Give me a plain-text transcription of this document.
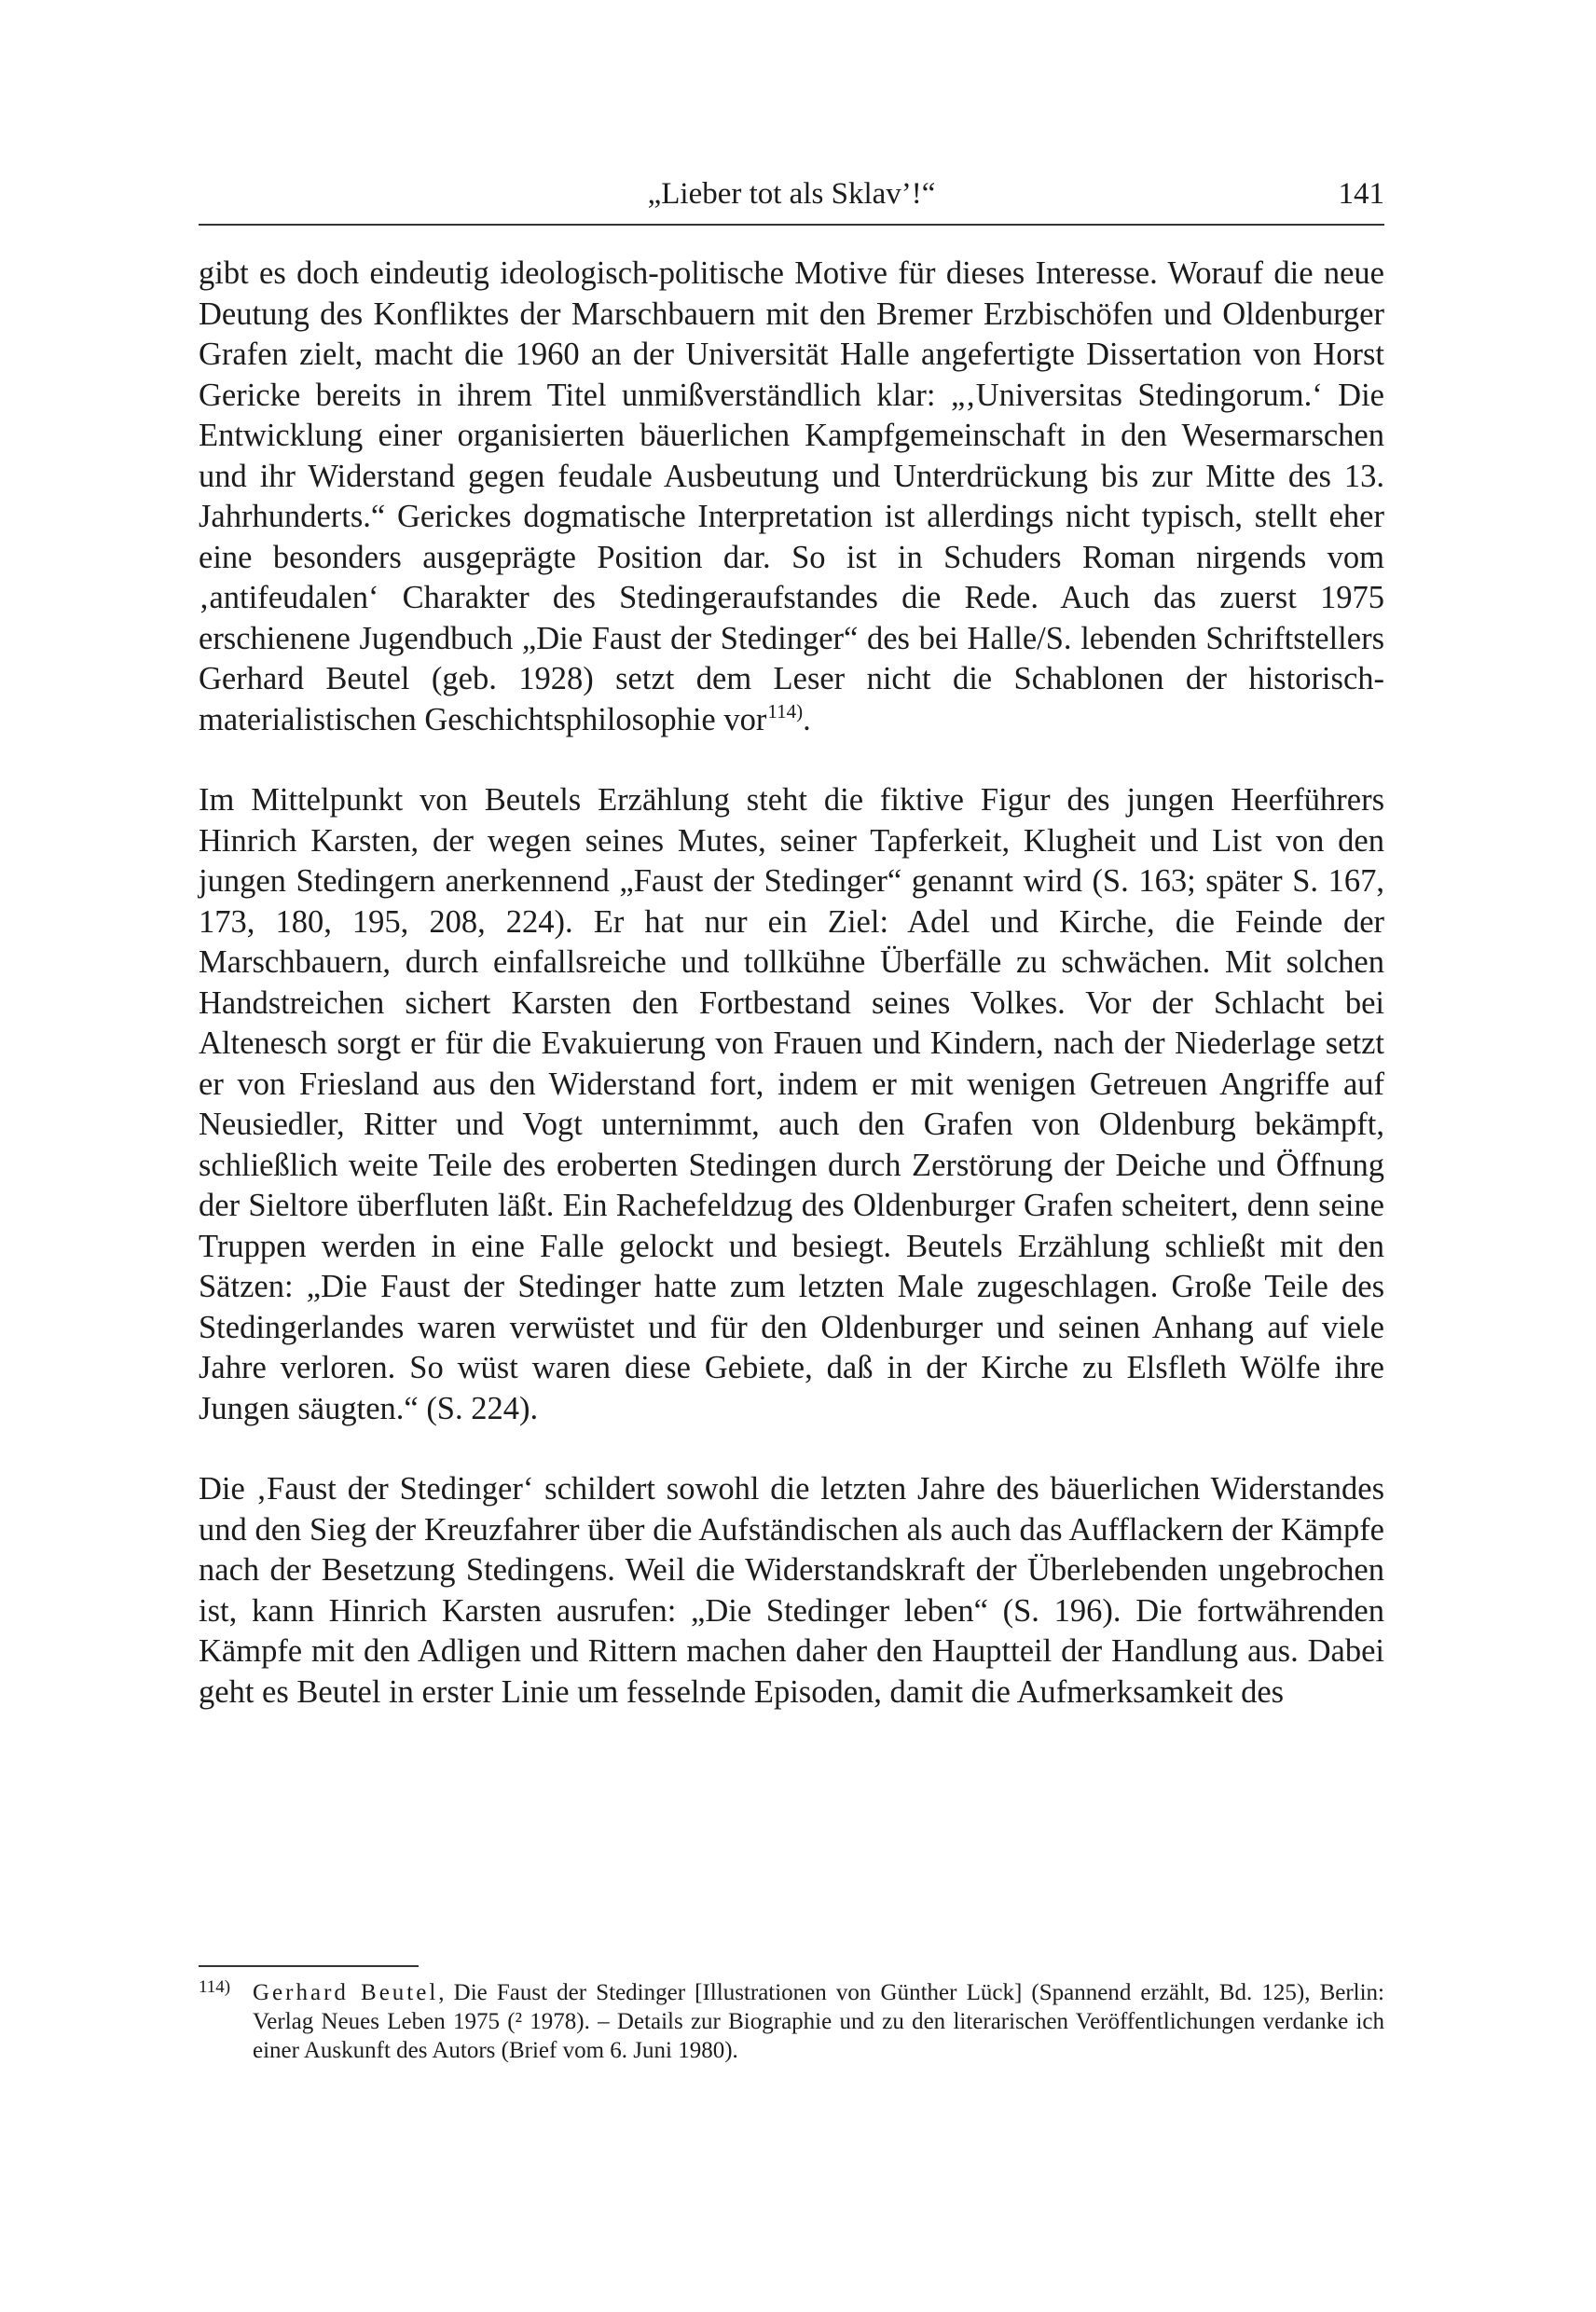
„Lieber tot als Sklav’!“	141

gibt es doch eindeutig ideologisch-politische Motive für dieses Interesse. Worauf die neue Deutung des Konfliktes der Marschbauern mit den Bremer Erzbischöfen und Oldenburger Grafen zielt, macht die 1960 an der Universität Halle angefertigte Dissertation von Horst Gericke bereits in ihrem Titel unmißverständlich klar: „‚Universitas Stedingorum.‘ Die Entwicklung einer organisierten bäuerlichen Kampfgemeinschaft in den Wesermarschen und ihr Widerstand gegen feudale Ausbeutung und Unterdrückung bis zur Mitte des 13. Jahrhunderts.“ Gerickes dogmatische Interpretation ist allerdings nicht typisch, stellt eher eine besonders ausgeprägte Position dar. So ist in Schuders Roman nirgends vom ‚antifeudalen‘ Charakter des Stedingeraufstandes die Rede. Auch das zuerst 1975 erschienene Jugendbuch „Die Faust der Stedinger“ des bei Halle/S. lebenden Schriftstellers Gerhard Beutel (geb. 1928) setzt dem Leser nicht die Schablonen der historisch-materialistischen Geschichtsphilosophie vor$^{114)}$.

Im Mittelpunkt von Beutels Erzählung steht die fiktive Figur des jungen Heerführers Hinrich Karsten, der wegen seines Mutes, seiner Tapferkeit, Klugheit und List von den jungen Stedingern anerkennend „Faust der Stedinger“ genannt wird (S. 163; später S. 167, 173, 180, 195, 208, 224). Er hat nur ein Ziel: Adel und Kirche, die Feinde der Marschbauern, durch einfallsreiche und tollkühne Überfälle zu schwächen. Mit solchen Handstreichen sichert Karsten den Fortbestand seines Volkes. Vor der Schlacht bei Altenesch sorgt er für die Evakuierung von Frauen und Kindern, nach der Niederlage setzt er von Friesland aus den Widerstand fort, indem er mit wenigen Getreuen Angriffe auf Neusiedler, Ritter und Vogt unternimmt, auch den Grafen von Oldenburg bekämpft, schließlich weite Teile des eroberten Stedingen durch Zerstörung der Deiche und Öffnung der Sieltore überfluten läßt. Ein Rachefeldzug des Oldenburger Grafen scheitert, denn seine Truppen werden in eine Falle gelockt und besiegt. Beutels Erzählung schließt mit den Sätzen: „Die Faust der Stedinger hatte zum letzten Male zugeschlagen. Große Teile des Stedingerlandes waren verwüstet und für den Oldenburger und seinen Anhang auf viele Jahre verloren. So wüst waren diese Gebiete, daß in der Kirche zu Elsfleth Wölfe ihre Jungen säugten.“ (S. 224).

Die ‚Faust der Stedinger‘ schildert sowohl die letzten Jahre des bäuerlichen Widerstandes und den Sieg der Kreuzfahrer über die Aufständischen als auch das Aufflackern der Kämpfe nach der Besetzung Stedingens. Weil die Widerstandskraft der Überlebenden ungebrochen ist, kann Hinrich Karsten ausrufen: „Die Stedinger leben“ (S. 196). Die fortwährenden Kämpfe mit den Adligen und Rittern machen daher den Hauptteil der Handlung aus. Dabei geht es Beutel in erster Linie um fesselnde Episoden, damit die Aufmerksamkeit des

114) Gerhard Beutel, Die Faust der Stedinger [Illustrationen von Günther Lück] (Spannend erzählt, Bd. 125), Berlin: Verlag Neues Leben 1975 (² 1978). – Details zur Biographie und zu den literarischen Veröffentlichungen verdanke ich einer Auskunft des Autors (Brief vom 6. Juni 1980).
